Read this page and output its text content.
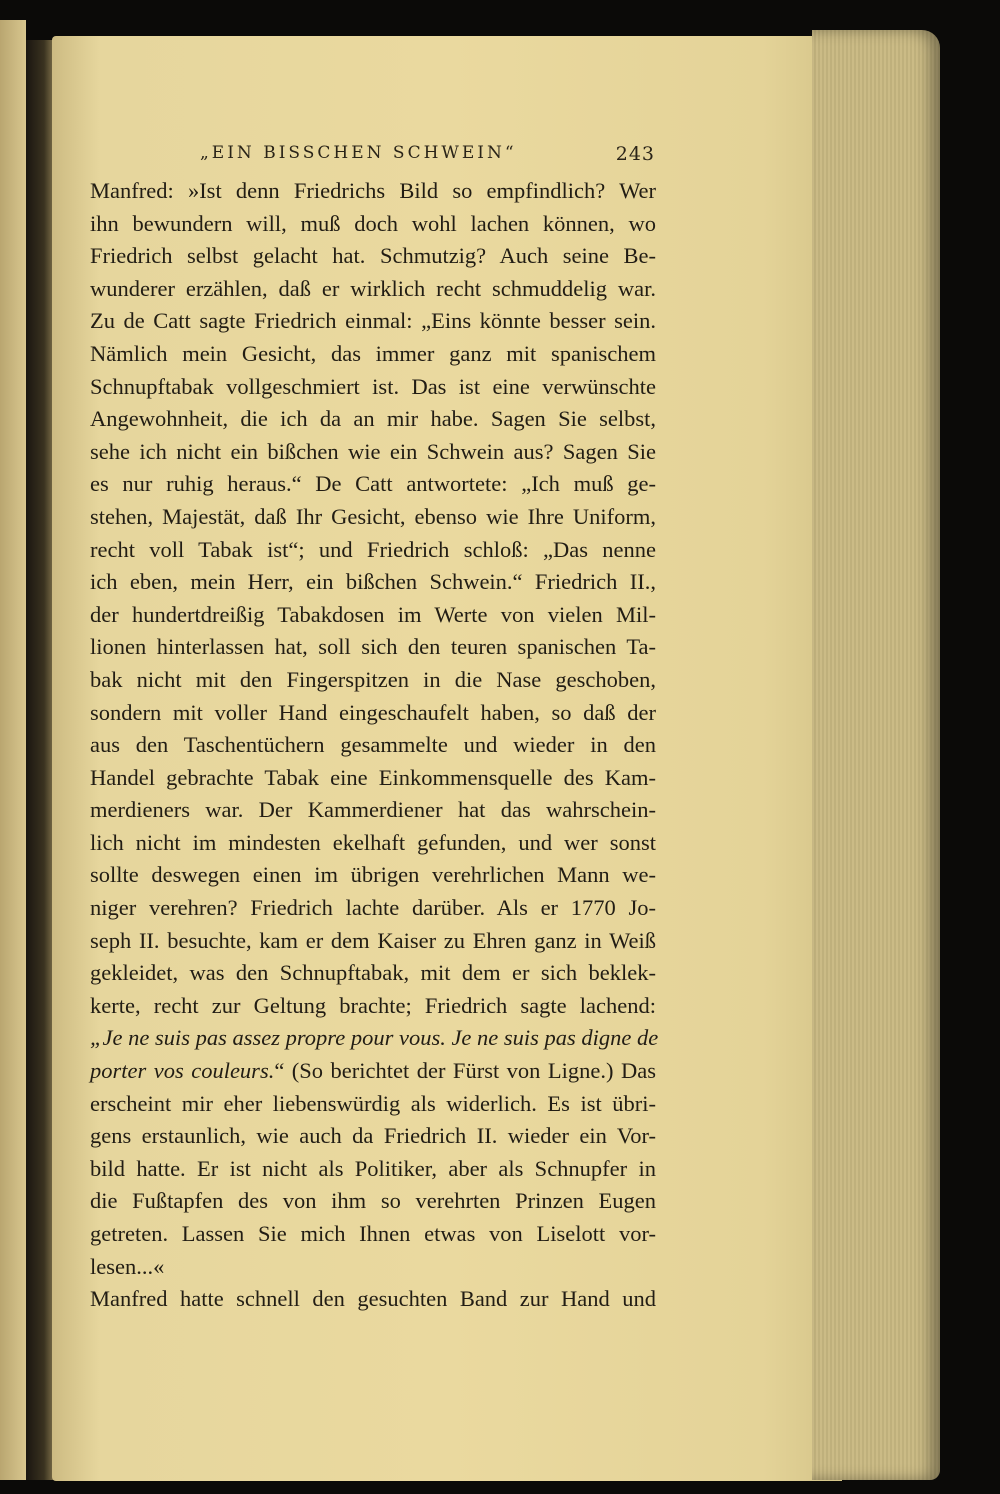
„EIN BISSCHEN SCHWEIN“	243
Manfred: »Ist denn Friedrichs Bild so empfindlich? Wer
ihn bewundern will, muß doch wohl lachen können, wo
Friedrich selbst gelacht hat. Schmutzig? Auch seine Be-
wunderer erzählen, daß er wirklich recht schmuddelig war.
Zu de Catt sagte Friedrich einmal: „Eins könnte besser sein.
Nämlich mein Gesicht, das immer ganz mit spanischem
Schnupftabak vollgeschmiert ist. Das ist eine verwünschte
Angewohnheit, die ich da an mir habe. Sagen Sie selbst,
sehe ich nicht ein bißchen wie ein Schwein aus? Sagen Sie
es nur ruhig heraus.“ De Catt antwortete: „Ich muß ge-
stehen, Majestät, daß Ihr Gesicht, ebenso wie Ihre Uniform,
recht voll Tabak ist“; und Friedrich schloß: „Das nenne
ich eben, mein Herr, ein bißchen Schwein.“ Friedrich II.,
der hundertdreißig Tabakdosen im Werte von vielen Mil-
lionen hinterlassen hat, soll sich den teuren spanischen Ta-
bak nicht mit den Fingerspitzen in die Nase geschoben,
sondern mit voller Hand eingeschaufelt haben, so daß der
aus den Taschentüchern gesammelte und wieder in den
Handel gebrachte Tabak eine Einkommensquelle des Kam-
merdieners war. Der Kammerdiener hat das wahrschein-
lich nicht im mindesten ekelhaft gefunden, und wer sonst
sollte deswegen einen im übrigen verehrlichen Mann we-
niger verehren? Friedrich lachte darüber. Als er 1770 Jo-
seph II. besuchte, kam er dem Kaiser zu Ehren ganz in Weiß
gekleidet, was den Schnupftabak, mit dem er sich beklek-
kerte, recht zur Geltung brachte; Friedrich sagte lachend:
„Je ne suis pas assez propre pour vous. Je ne suis pas digne de
porter vos couleurs.“ (So berichtet der Fürst von Ligne.) Das
erscheint mir eher liebenswürdig als widerlich. Es ist übri-
gens erstaunlich, wie auch da Friedrich II. wieder ein Vor-
bild hatte. Er ist nicht als Politiker, aber als Schnupfer in
die Fußtapfen des von ihm so verehrten Prinzen Eugen
getreten. Lassen Sie mich Ihnen etwas von Liselott vor-
lesen...«
Manfred hatte schnell den gesuchten Band zur Hand und
